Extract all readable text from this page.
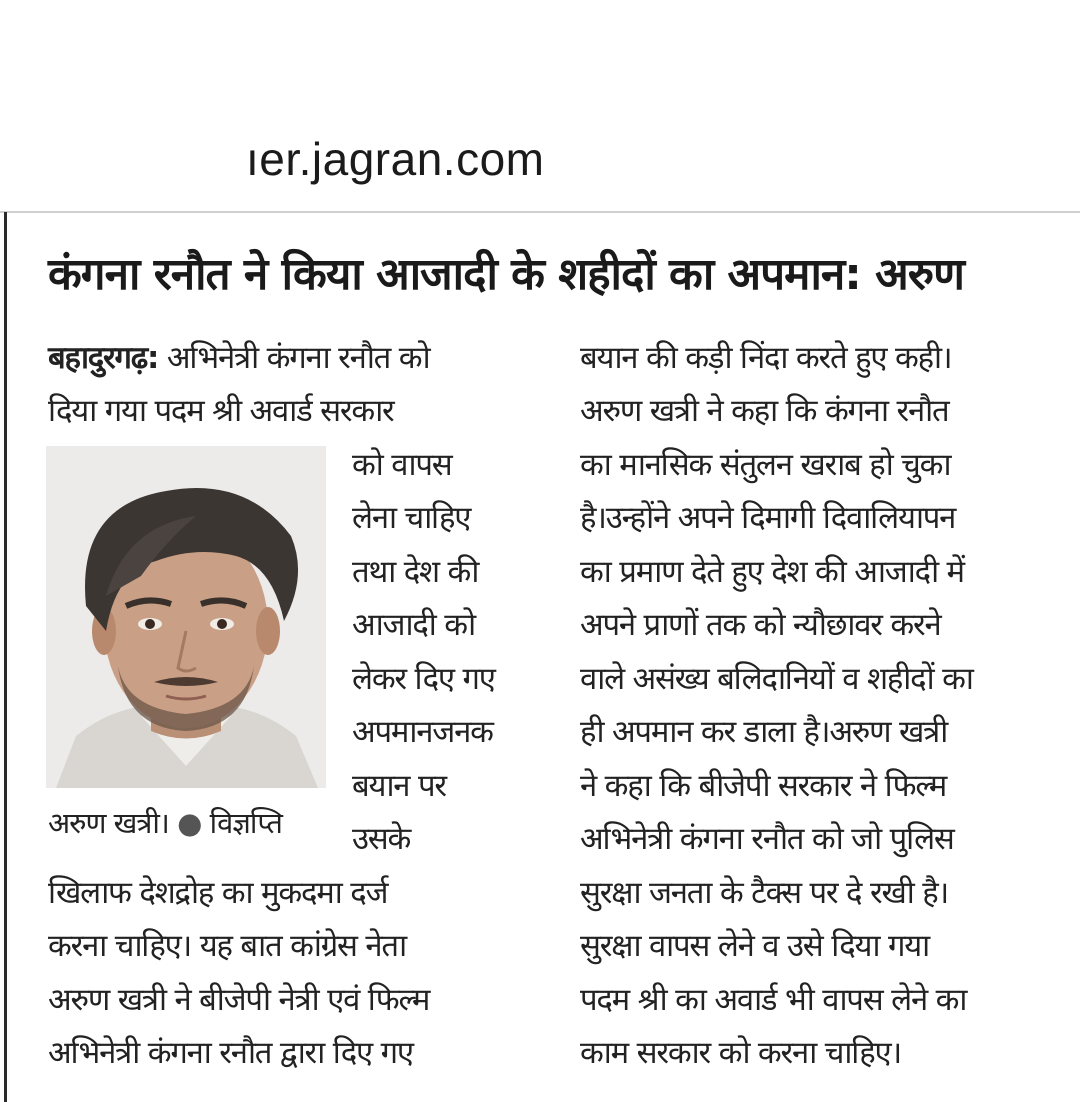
ıer.jagran.com
कंगना रनौत ने किया आजादी के शहीदों का अपमान: अरुण
बहादुरगढ़: अभिनेत्री कंगना रनौत को
दिया गया पदम श्री अवार्ड सरकार
को वापस
लेना चाहिए
तथा देश की
आजादी को
लेकर दिए गए
अपमानजनक
बयान पर
उसके
खिलाफ देशद्रोह का मुकदमा दर्ज
करना चाहिए। यह बात कांग्रेस नेता
अरुण खत्री ने बीजेपी नेत्री एवं फिल्म
अभिनेत्री कंगना रनौत द्वारा दिए गए
अरुण खत्री। ● विज्ञप्ति
बयान की कड़ी निंदा करते हुए कही।
अरुण खत्री ने कहा कि कंगना रनौत
का मानसिक संतुलन खराब हो चुका
है।उन्होंने अपने दिमागी दिवालियापन
का प्रमाण देते हुए देश की आजादी में
अपने प्राणों तक को न्यौछावर करने
वाले असंख्य बलिदानियों व शहीदों का
ही अपमान कर डाला है।अरुण खत्री
ने कहा कि बीजेपी सरकार ने फिल्म
अभिनेत्री कंगना रनौत को जो पुलिस
सुरक्षा जनता के टैक्स पर दे रखी है।
सुरक्षा वापस लेने व उसे दिया गया
पदम श्री का अवार्ड भी वापस लेने का
काम सरकार को करना चाहिए।
